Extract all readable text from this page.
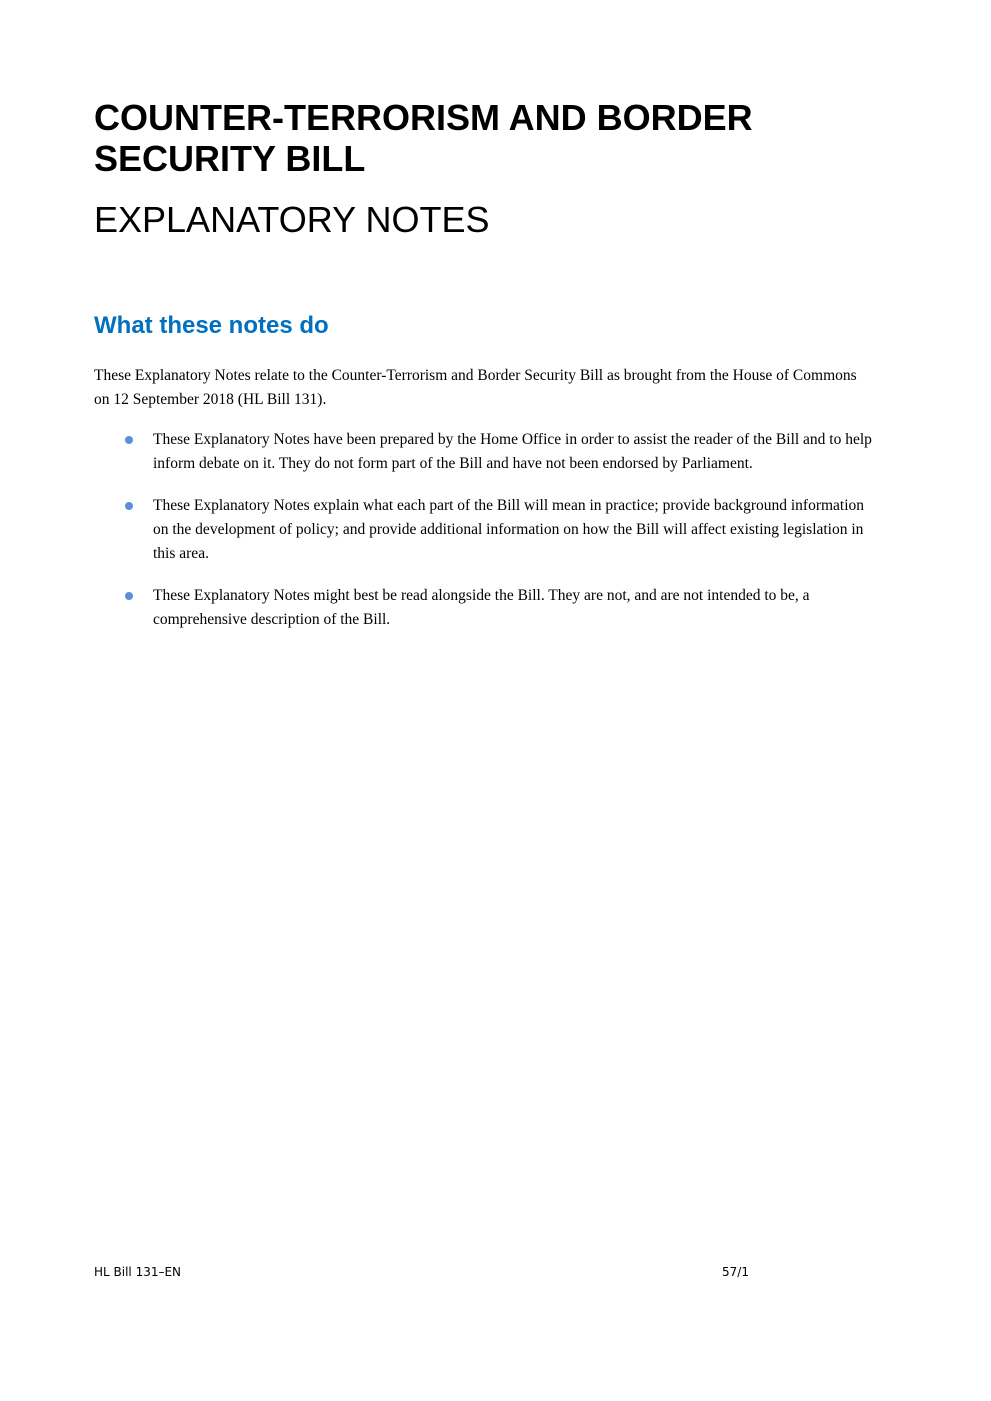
COUNTER-TERRORISM AND BORDER SECURITY BILL
EXPLANATORY NOTES
What these notes do

These Explanatory Notes relate to the Counter-Terrorism and Border Security Bill as brought from the House of Commons on 12 September 2018 (HL Bill 131).

These Explanatory Notes have been prepared by the Home Office in order to assist the reader of the Bill and to help inform debate on it. They do not form part of the Bill and have not been endorsed by Parliament.
These Explanatory Notes explain what each part of the Bill will mean in practice; provide background information on the development of policy; and provide additional information on how the Bill will affect existing legislation in this area.
These Explanatory Notes might best be read alongside the Bill. They are not, and are not intended to be, a comprehensive description of the Bill.
HL Bill 131–EN	57/1
